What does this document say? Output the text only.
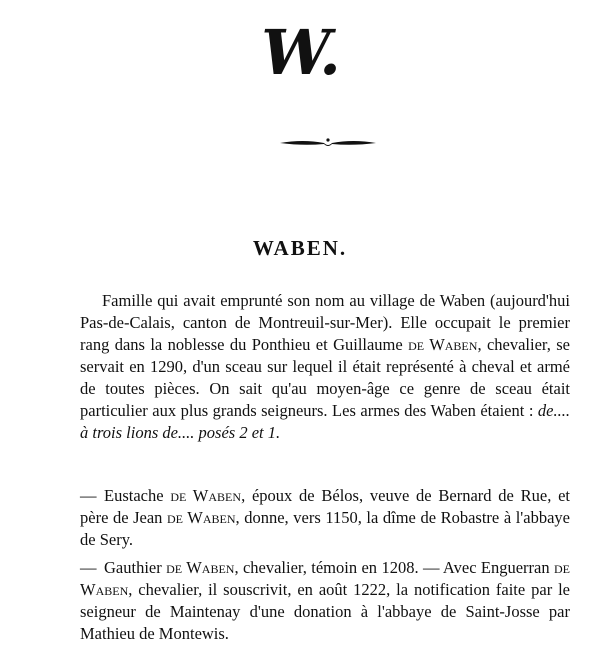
W.
WABEN.
Famille qui avait emprunté son nom au village de Waben (aujourd'hui Pas-de-Calais, canton de Montreuil-sur-Mer). Elle occupait le premier rang dans la noblesse du Ponthieu et Guillaume de Waben, chevalier, se servait en 1290, d'un sceau sur lequel il était représenté à cheval et armé de toutes pièces. On sait qu'au moyen-âge ce genre de sceau était particulier aux plus grands seigneurs. Les armes des Waben étaient : de.... à trois lions de.... posés 2 et 1.
— Eustache de Waben, époux de Bélos, veuve de Bernard de Rue, et père de Jean de Waben, donne, vers 1150, la dîme de Robastre à l'abbaye de Sery.
— Gauthier de Waben, chevalier, témoin en 1208. — Avec Enguerran de Waben, chevalier, il souscrivit, en août 1222, la notification faite par le seigneur de Maintenay d'une donation à l'abbaye de Saint-Josse par Mathieu de Montewis.
